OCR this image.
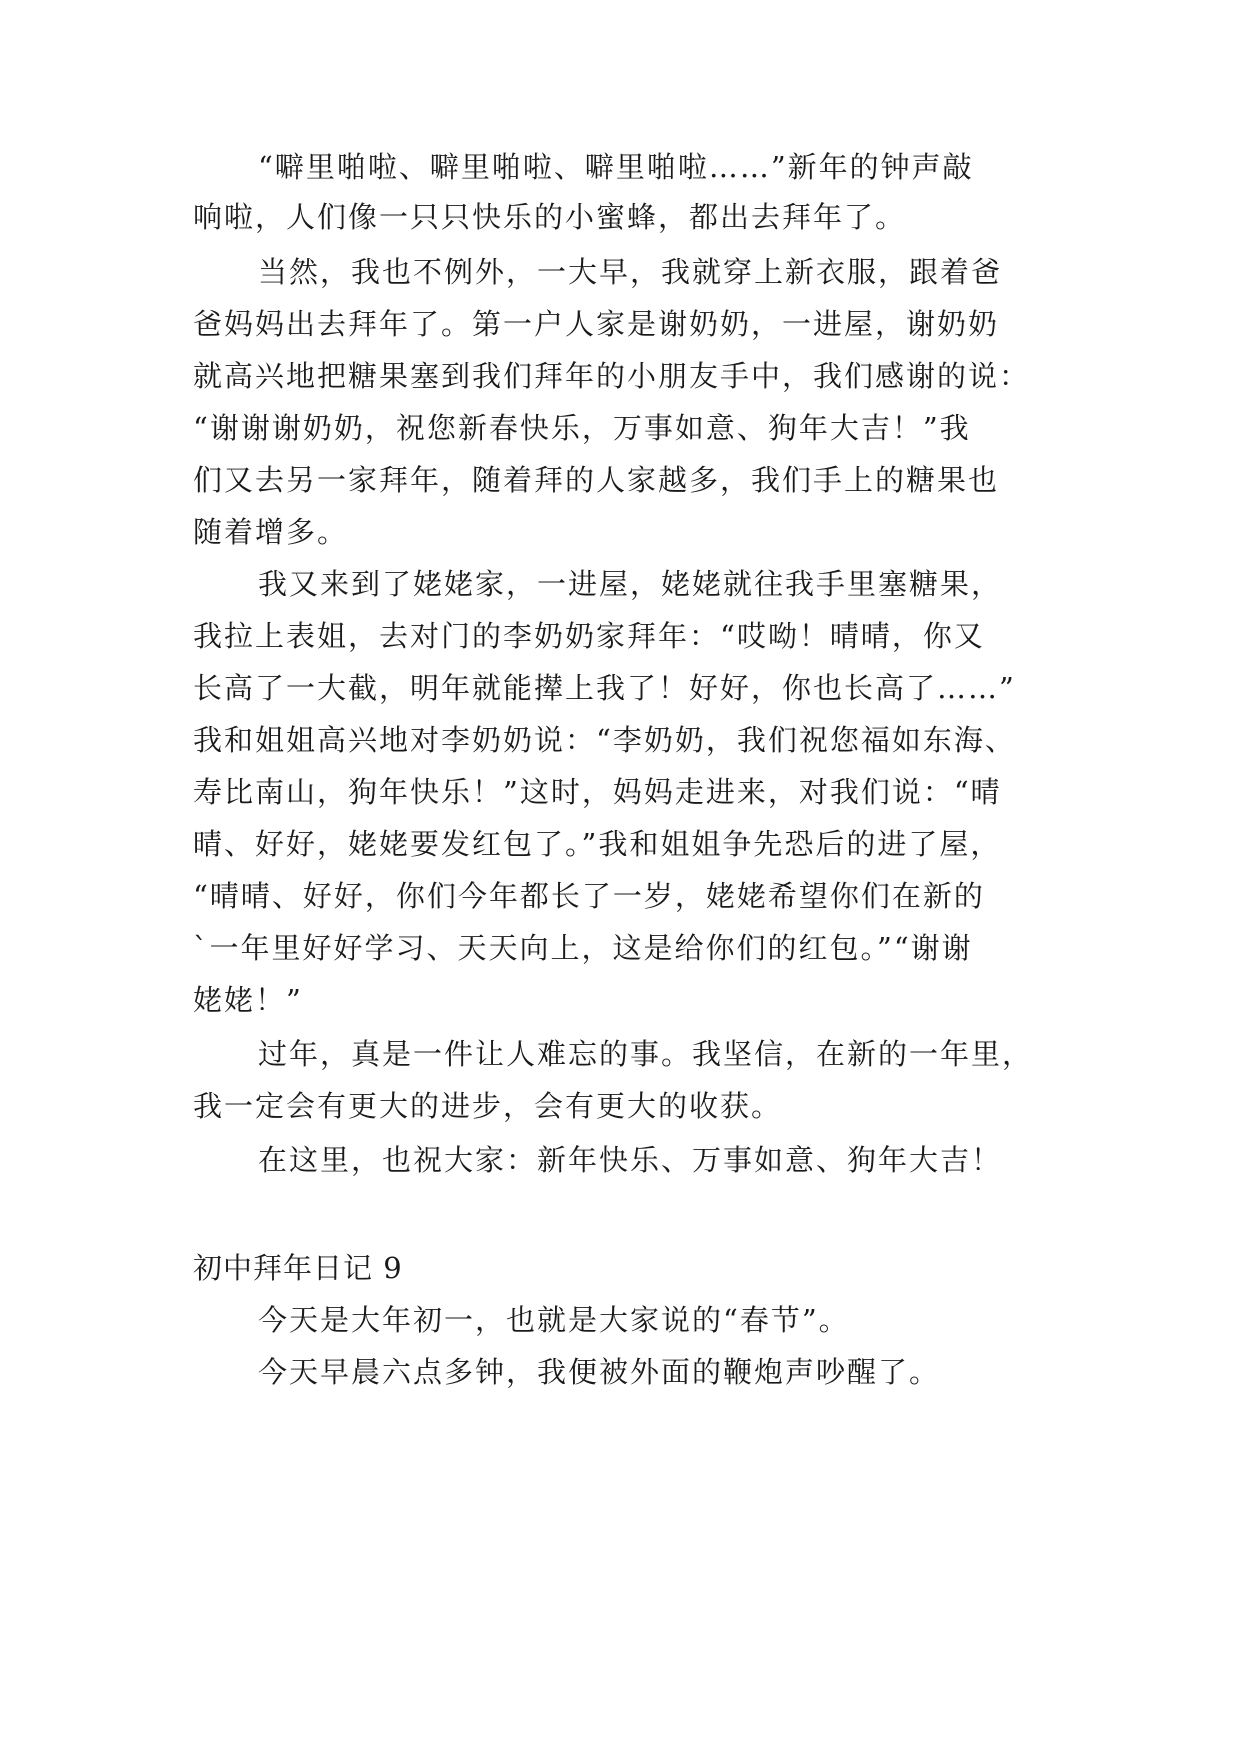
“噼里啪啦、噼里啪啦、噼里啪啦……”新年的钟声敲
响啦，人们像一只只快乐的小蜜蜂，都出去拜年了。
当然，我也不例外，一大早，我就穿上新衣服，跟着爸
爸妈妈出去拜年了。第一户人家是谢奶奶，一进屋，谢奶奶
就高兴地把糖果塞到我们拜年的小朋友手中，我们感谢的说：
“谢谢谢奶奶，祝您新春快乐，万事如意、狗年大吉！”我
们又去另一家拜年，随着拜的人家越多，我们手上的糖果也
随着增多。
我又来到了姥姥家，一进屋，姥姥就往我手里塞糖果，
我拉上表姐，去对门的李奶奶家拜年：“哎呦！晴晴，你又
长高了一大截，明年就能撵上我了！好好，你也长高了……”
我和姐姐高兴地对李奶奶说：“李奶奶，我们祝您福如东海、
寿比南山，狗年快乐！”这时，妈妈走进来，对我们说：“晴
晴、好好，姥姥要发红包了。”我和姐姐争先恐后的进了屋，
“晴晴、好好，你们今年都长了一岁，姥姥希望你们在新的
`一年里好好学习、天天向上，这是给你们的红包。”“谢谢
姥姥！”
过年，真是一件让人难忘的事。我坚信，在新的一年里，
我一定会有更大的进步，会有更大的收获。
在这里，也祝大家：新年快乐、万事如意、狗年大吉！
初中拜年日记 9
今天是大年初一，也就是大家说的“春节”。
今天早晨六点多钟，我便被外面的鞭炮声吵醒了。
